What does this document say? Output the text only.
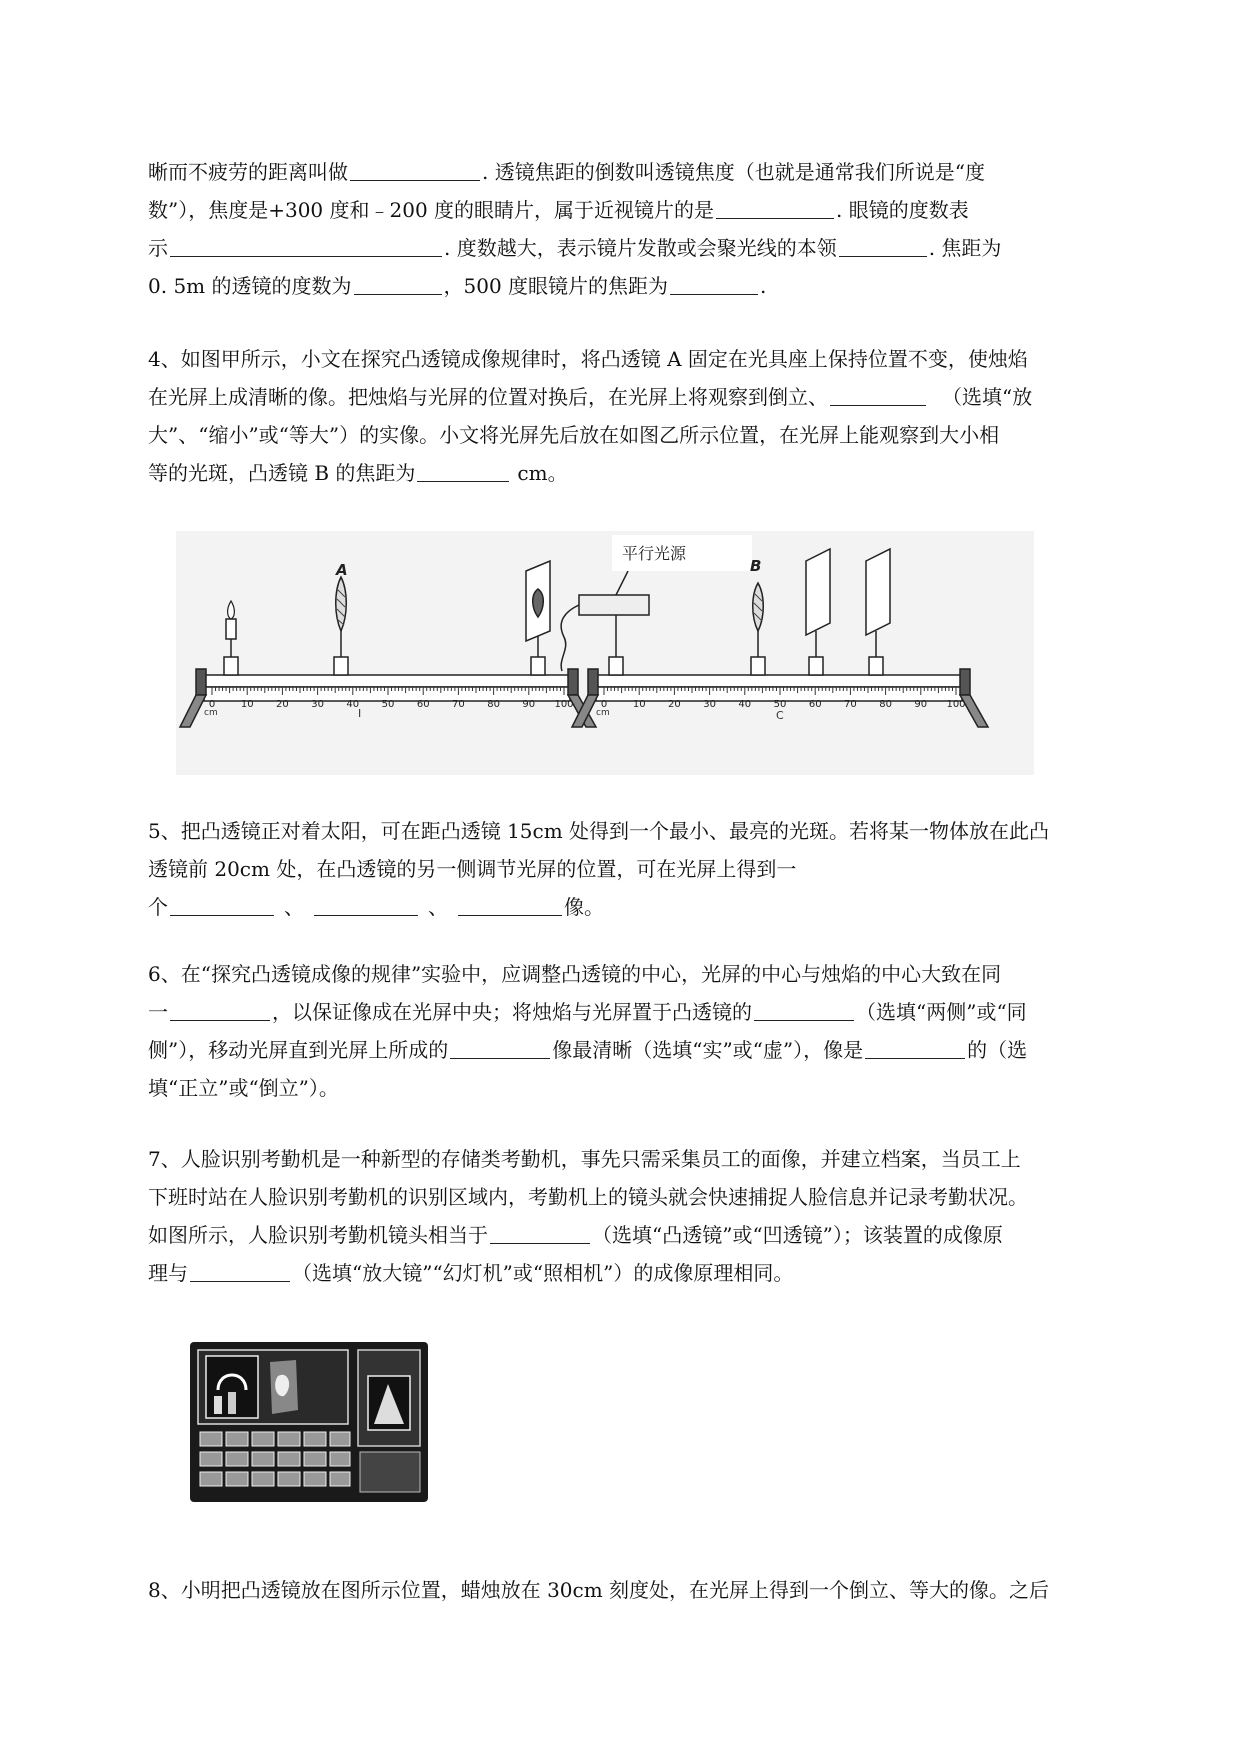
晰而不疲劳的距离叫做	. 透镜焦距的倒数叫透镜焦度（也就是通常我们所说是“度
数”），焦度是+300 度和﹣200 度的眼睛片，属于近视镜片的是	. 眼镜的度数表
示	. 度数越大，表示镜片发散或会聚光线的本领	. 焦距为
0. 5m 的透镜的度数为	，500 度眼镜片的焦距为	.
4、如图甲所示，小文在探究凸透镜成像规律时，将凸透镜 A 固定在光具座上保持位置不变，使烛焰
在光屏上成清晰的像。把烛焰与光屏的位置对换后，在光屏上将观察到倒立、	（选填“放
大”、“缩小”或“等大”）的实像。小文将光屏先后放在如图乙所示位置，在光屏上能观察到大小相
等的光斑，凸透镜 B 的焦距为	cm。
0	10 20 30 40 50 60 70 80 90 100
cm
A
I
0	10 20 30 40 50 60 70 80 90 100
cm
平行光源
B
C
5、把凸透镜正对着太阳，可在距凸透镜 15cm 处得到一个最小、最亮的光斑。若将某一物体放在此凸
透镜前 20cm 处，在凸透镜的另一侧调节光屏的位置，可在光屏上得到一
个	、	、	像。
6、在“探究凸透镜成像的规律”实验中，应调整凸透镜的中心，光屏的中心与烛焰的中心大致在同
一	，以保证像成在光屏中央；将烛焰与光屏置于凸透镜的	（选填“两侧”或“同
侧”），移动光屏直到光屏上所成的	像最清晰（选填“实”或“虚”），像是	的（选
填“正立”或“倒立”）。
7、人脸识别考勤机是一种新型的存储类考勤机，事先只需采集员工的面像，并建立档案，当员工上
下班时站在人脸识别考勤机的识别区域内，考勤机上的镜头就会快速捕捉人脸信息并记录考勤状况。
如图所示，人脸识别考勤机镜头相当于	（选填“凸透镜”或“凹透镜”）；该装置的成像原
理与	（选填“放大镜”“幻灯机”或“照相机”）的成像原理相同。
8、小明把凸透镜放在图所示位置，蜡烛放在 30cm 刻度处，在光屏上得到一个倒立、等大的像。之后
